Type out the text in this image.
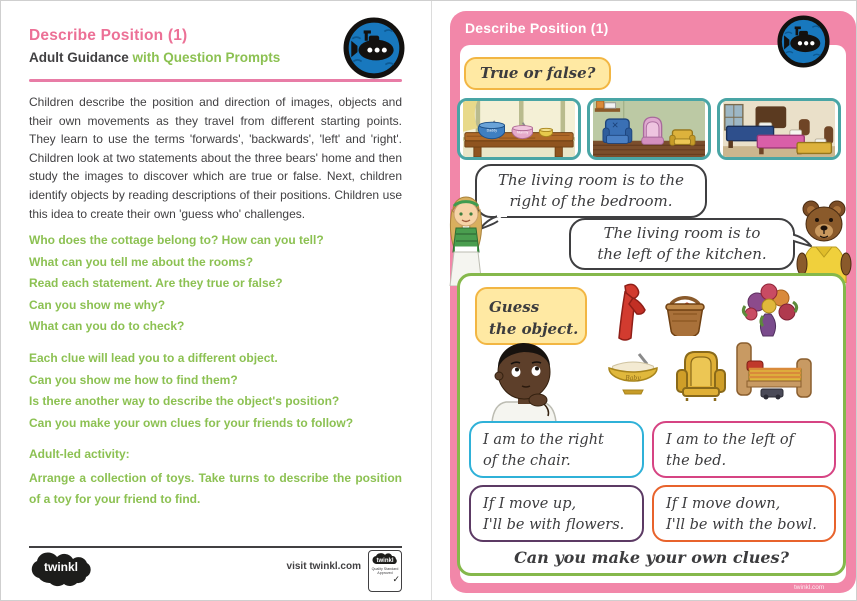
Describe Position (1)
Adult Guidance with Question Prompts
Children describe the position and direction of images, objects and their own movements as they travel from different starting points. They learn to use the terms 'forwards', 'backwards', 'left' and 'right'. Children look at two statements about the three bears' home and then study the images to discover which are true or false. Next, children identify objects by reading descriptions of their positions. Children use this idea to create their own 'guess who' challenges.
Who does the cottage belong to? How can you tell?
What can you tell me about the rooms?
Read each statement. Are they true or false?
Can you show me why?
What can you do to check?
Each clue will lead you to a different object.
Can you show me how to find them?
Is there another way to describe the object's position?
Can you make your own clues for your friends to follow?
Adult-led activity:
Arrange a collection of toys. Take turns to describe the position of a toy for your friend to find.
twinkl	visit twinkl.com	twinkl
Quality Standard
Approved
✓
Describe Position (1)
True or false?
Daddy	Mummy
The living room is to the
right of the bedroom.
The living room is to
the left of the kitchen.
Guess
the object.
Baby
I am to the right
of the chair.
I am to the left of
the bed.
If I move up,
I'll be with flowers.
If I move down,
I'll be with the bowl.
Can you make your own clues?
twinkl.com
